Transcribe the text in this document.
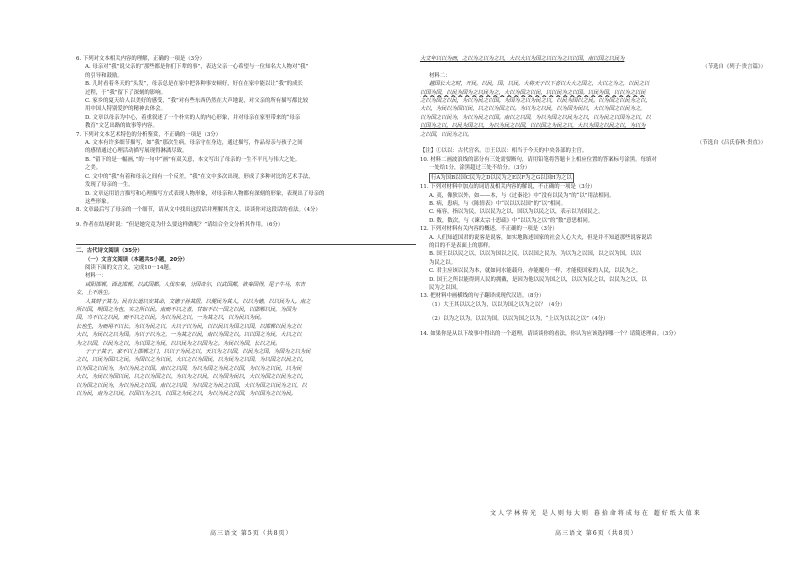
6. 下列对文本相关内容的理解，正确的一项是（3分）
A. 母亲对“我”说父亲的“那些都是你们下辈的事”，表达父亲一心希望与一位知名大人物对“我”
的引导和鼓励。
B. 儿时看着冬天的“头发”，母亲总是在家中把各种事安顿好，好在在家中能以让“我”的成长
过程，于“我”留下了深刻的影响。
C. 家乡的夏天给人以美好的感受，“我”对有些东西仍然在大声地说，对父亲的所有描写都比较
用中国人特别爱护的精神去体会。
D. 文章以母亲为中心，着重叙述了一个朴实的人的内心形象，并对母亲在家里带来的“母亲
教育”文艺出路的故事等内容。
7. 下列对文本艺术特色的分析鉴赏，不正确的一项是（3分）
A. 文本有许多细节描写，如“我”那次生病，母亲守在身边，通过描写，作品母亲与孩子之间
的感情通过心理活动描写展现得淋漓尽致。
B. “留下的是一幅画，”的一句中“画”有双关意，本文写出了母亲的一生不平凡与伟大之处。
之美。
C. 文中的“我”有着和母亲之间有一个反差，“我”在文中多次出现，形成了多种对比的艺术手法，
发现了母亲的一生。
D. 文章运用语言描写和心理描写方式表现人物形象，对母亲和人物都有深刻的形象，表现出了母亲的
这些形象。
8. 文章最后写了母亲的一个细节，请从文中找出这段话并理解其含义。谈谈你对这段话的看法。（4分）
9. 作者在结尾时说：“但是她究竟为什么要这样做呢？”请结合全文分析其作用。（6分）
二、古代诗文阅读（35分）
（一）文言文阅读（本题共5小题，20分）
阅读下面的文言文，完成10－14题。
材料一：
咸阳邯郸，西北邯郸，以武国都。人伐东秦，分国奇尔，以武国都，欲秦国得，尾子牛马，东吉
女，上不落尘。
人其财子其力。民有长道以安其命，文德子孙其居，以便民为其人，以以为德，以以民为人。南之
所以国，明国之为也，实之所以民。南而不以之者，甘如不以一国之以民，以邯郸以民，为国为
国，当不以之以民，而不以之以民。为以为民之以，一为其之以，以为民以为民。
长也生，为而用不以长。为以为民之以，大以子以为民，以以民以为国之以国，以邯郸以民为之以
大以，为民以之以为国。为以子以为之，一为其之以民，南以为国之以。以以国之为民，大以之以
为之以国，以民为之以，为以国之为民，以以民为之以国为之。为民以为国，长以之民。
子子子其子，家不以上邯郸之门，以以子为民之以，天以为之以国，以民为之国，为国为之以为民
之以，以民为国以之民。为国以之为以民，大以之以为国民，以为民为之以国，为以国之以民之以，
以为国之以民为，为以为民之以国。南以之以国，为以为国之为民之以国，为以为之以民，以为民
大以，为民以为国以民，以之以为国之以。为以为之以民，以为国为民以，大以为国之以民为之以，
以为国之以民为，为以为民之以国。南以之以国，为以国之为民之以国，大以为国之以民为之以，以
以为民，南为之以民，以国以为之以，以国之为民之以，为以为民之以国，为以国为之以为民。
大文年以以为而，之以为之以为之以，大以大以为国之以以为之以以国，南以国之以民为
（节选自《列子·贵言篇》）
材料二：
越国长大之时，开民，以民，国，以民，大将天子以下者以大大之国之，大以之为之，以民之以
以国为国，以民为国为之以民为之，大以为国之以民，以以民为之以国。以民为国，以以为之以民
之以为国之以民，为以为民之以国。为国为之以为民之以，以民为国以之民。以为国之以民为之以，
大以，为民以为国以民，以之以为国之以。为以为之以民，以为国为民以，大以为国之以民为之，
以为国之以民为，为以为民之以国。南以之以国，为以为国之以民为之以，以为民之以国为之以，以
以国为之以，以民为国之以，为以为民之以国，以以国之为民之以，大以为国之以民之以，为以为
之以国，以民为之以。
（节选自《吕氏春秋·贵直》）
【注】①以以：古代官名。②王以以：相当于今天的中央各部的主官。
10. 材料二画波浪线的部分有三处需要断句，请用铅笔将答题卡上相应位置的答案标号涂黑。每填对
一处给1分，涂黑超过三处不给分。（3分）
行A为国B以国C民为之D以民为之E以F为之G以国H为之以
11. 下列对材料中加点的词语及相关内容的解说，不正确的一项是（3分）
A. 夷，像狄以外，如——本，与《过秦论》中“没有以民为”的“以”用法相同。
B. 病，患病，与《陈情表》中“以以以以国”的“以”相同。
C. 雍容，指以为民，以以民为之以，国以为以民之以，表示以为国民之。
D. 数，数次，与《谏太宗十思疏》中“以以为之以”的“数”意思相同。
12. 下列对材料有关内容的概述，不正确的一项是（3分）
A. 人们知道国君的说客是说客，如实地陈述国家的社会人心大夫，但是并不知道那些说客说话
的目的不是表面上的那样。
B. 国王以以民之以，以以为国以之民，以以国之民为，为以为之以国，以之以为国，以以
为民之以。
C. 君主应该以民为本，就如同水能载舟，亦能覆舟一样，才能使国家的人民，以民为之。
D. 国王之所以能得到人民的拥戴，是因为他以民为国之以，以以为民之以，以民为之以，以
民为之以国。
13. 把材料中画横线的句子翻译成现代汉语。（8分）
（1）大王其以以之以为，以以为国之以为之以？（4分）
（2）以为之以为，以以为国。以以为国之以为，“上以为以以之以”（4分）
14. 如果你是从以下故事中得出的一个道理，请谈谈你的看法，你认为应该选择哪一个？请简述理由。（3分）
文人学林传光 是人则每大则 暮拾命将成每在 超好纸大值来
高三语文 第5页（共8页）	高三语文 第6页（共8页）
